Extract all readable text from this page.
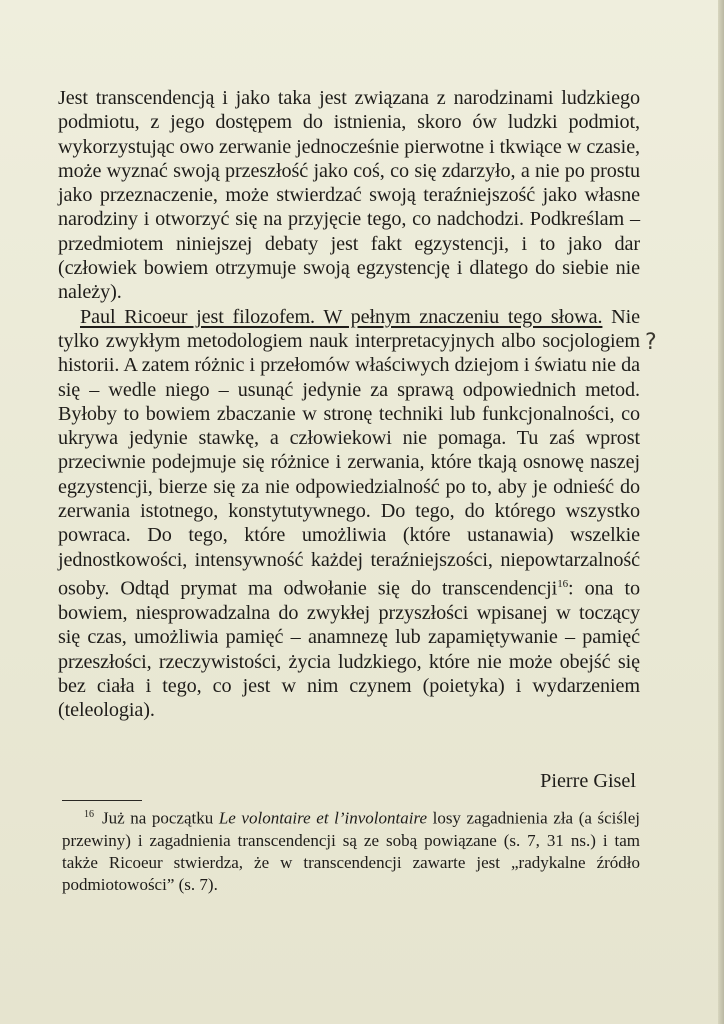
Jest transcendencją i jako taka jest związana z narodzinami ludzkiego podmiotu, z jego dostępem do istnienia, skoro ów ludzki podmiot, wykorzystując owo zerwanie jednocześnie pierwotne i tkwiące w czasie, może wyznać swoją przeszłość jako coś, co się zdarzyło, a nie po prostu jako przeznaczenie, może stwierdzać swoją teraźniejszość jako własne narodziny i otworzyć się na przyjęcie tego, co nadchodzi. Podkreślam – przedmiotem niniejszej debaty jest fakt egzystencji, i to jako dar (człowiek bowiem otrzymuje swoją egzystencję i dlatego do siebie nie należy).

Paul Ricoeur jest filozofem. W pełnym znaczeniu tego słowa. Nie tylko zwykłym metodologiem nauk interpretacyjnych albo socjologiem historii. A zatem różnic i przełomów właściwych dziejom i światu nie da się – wedle niego – usunąć jedynie za sprawą odpowiednich metod. Byłoby to bowiem zbaczanie w stronę techniki lub funkcjonalności, co ukrywa jedynie stawkę, a człowiekowi nie pomaga. Tu zaś wprost przeciwnie podejmuje się różnice i zerwania, które tkają osnowę naszej egzystencji, bierze się za nie odpowiedzialność po to, aby je odnieść do zerwania istotnego, konstytutywnego. Do tego, do którego wszystko powraca. Do tego, które umożliwia (które ustanawia) wszelkie jednostkowości, intensywność każdej teraźniejszości, niepowtarzalność osoby. Odtąd prymat ma odwołanie się do transcendencji$^{16}$: ona to bowiem, niesprowadzalna do zwykłej przyszłości wpisanej w toczący się czas, umożliwia pamięć – anamnezę lub zapamiętywanie – pamięć przeszłości, rzeczywistości, życia ludzkiego, które nie może obejść się bez ciała i tego, co jest w nim czynem (poietyka) i wydarzeniem (teleologia).

Pierre Gisel

$^{16}$ Już na początku Le volontaire et l’involontaire losy zagadnienia zła (a ściślej przewiny) i zagadnienia transcendencji są ze sobą powiązane (s. 7, 31 ns.) i tam także Ricoeur stwierdza, że w transcendencji zawarte jest „radykalne źródło podmiotowości” (s. 7).

?
